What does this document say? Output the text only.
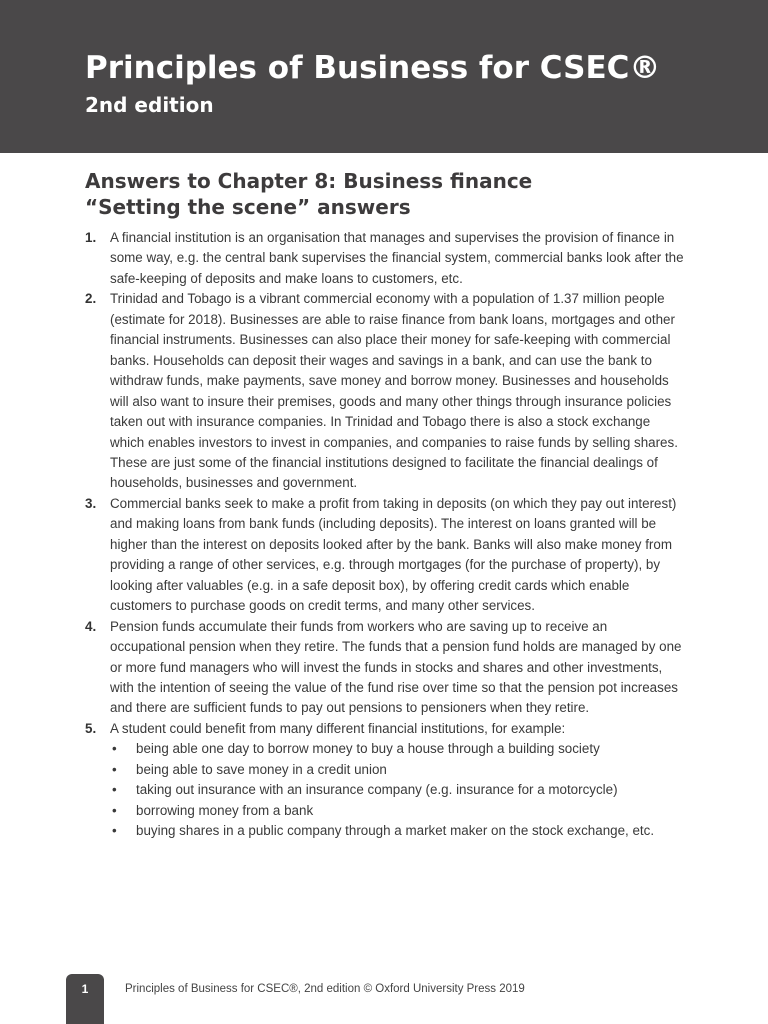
Principles of Business for CSEC®
2nd edition
Answers to Chapter 8: Business finance
“Setting the scene” answers
1. A financial institution is an organisation that manages and supervises the provision of finance in some way, e.g. the central bank supervises the financial system, commercial banks look after the safe-keeping of deposits and make loans to customers, etc.
2. Trinidad and Tobago is a vibrant commercial economy with a population of 1.37 million people (estimate for 2018). Businesses are able to raise finance from bank loans, mortgages and other financial instruments. Businesses can also place their money for safe-keeping with commercial banks. Households can deposit their wages and savings in a bank, and can use the bank to withdraw funds, make payments, save money and borrow money. Businesses and households will also want to insure their premises, goods and many other things through insurance policies taken out with insurance companies. In Trinidad and Tobago there is also a stock exchange which enables investors to invest in companies, and companies to raise funds by selling shares. These are just some of the financial institutions designed to facilitate the financial dealings of households, businesses and government.
3. Commercial banks seek to make a profit from taking in deposits (on which they pay out interest) and making loans from bank funds (including deposits). The interest on loans granted will be higher than the interest on deposits looked after by the bank. Banks will also make money from providing a range of other services, e.g. through mortgages (for the purchase of property), by looking after valuables (e.g. in a safe deposit box), by offering credit cards which enable customers to purchase goods on credit terms, and many other services.
4. Pension funds accumulate their funds from workers who are saving up to receive an occupational pension when they retire. The funds that a pension fund holds are managed by one or more fund managers who will invest the funds in stocks and shares and other investments, with the intention of seeing the value of the fund rise over time so that the pension pot increases and there are sufficient funds to pay out pensions to pensioners when they retire.
5. A student could benefit from many different financial institutions, for example:
• being able one day to borrow money to buy a house through a building society
• being able to save money in a credit union
• taking out insurance with an insurance company (e.g. insurance for a motorcycle)
• borrowing money from a bank
• buying shares in a public company through a market maker on the stock exchange, etc.
1	Principles of Business for CSEC®, 2nd edition © Oxford University Press 2019
